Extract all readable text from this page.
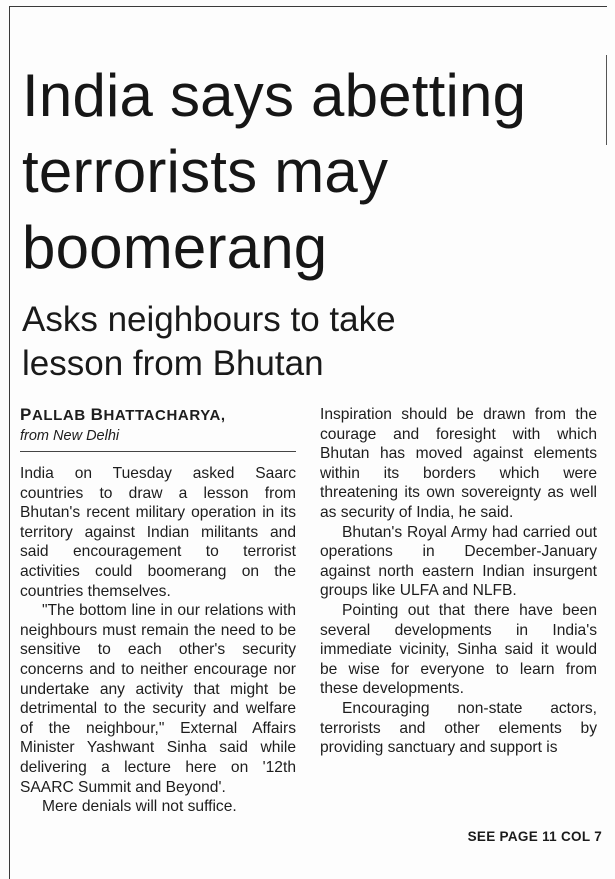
India says abetting
terrorists may
boomerang
Asks neighbours to take
lesson from Bhutan

PALLAB BHATTACHARYA,

from New Delhi

India on Tuesday asked Saarc countries to draw a lesson from Bhutan's recent military operation in its territory against Indian militants and said encouragement to terrorist activities could boomerang on the countries themselves.

"The bottom line in our relations with neighbours must remain the need to be sensitive to each other's security concerns and to neither encourage nor undertake any activity that might be detrimental to the security and welfare of the neighbour," External Affairs Minister Yashwant Sinha said while delivering a lecture here on '12th SAARC Summit and Beyond'.

Mere denials will not suffice.

Inspiration should be drawn from the courage and foresight with which Bhutan has moved against elements within its borders which were threatening its own sovereignty as well as security of India, he said.

Bhutan's Royal Army had carried out operations in December-January against north eastern Indian insurgent groups like ULFA and NLFB.

Pointing out that there have been several developments in India's immediate vicinity, Sinha said it would be wise for everyone to learn from these developments.

Encouraging non-state actors, terrorists and other elements by providing sanctuary and support is

SEE PAGE 11 COL 7
